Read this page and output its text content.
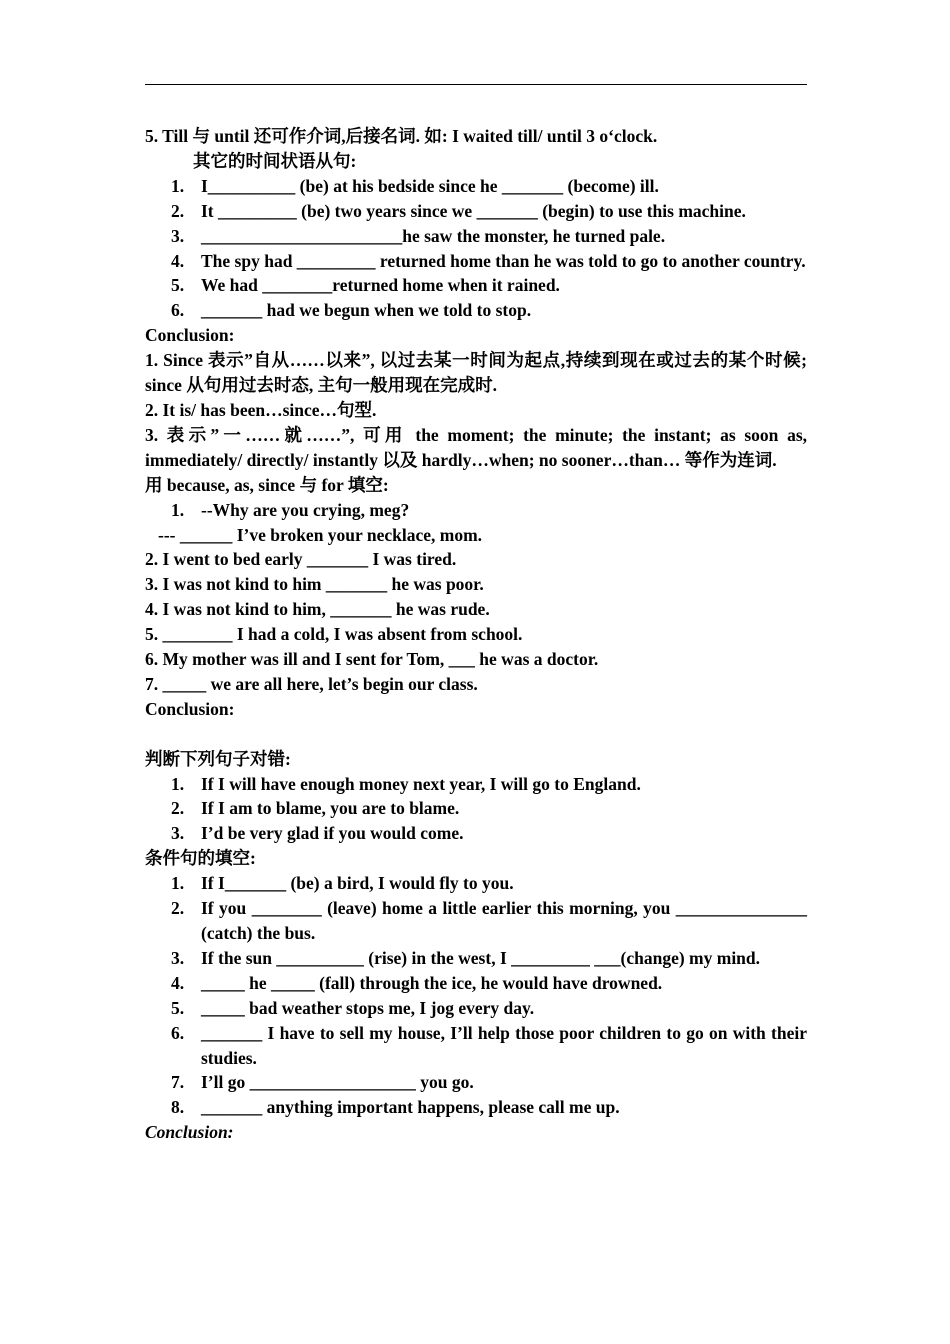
5. Till 与 until 还可作介词,后接名词. 如: I waited till/ until 3 o‘clock.
其它的时间状语从句:
1. I__________ (be) at his bedside since he _______ (become) ill.
2. It _________ (be) two years since we _______ (begin) to use this machine.
3. _______________________he saw the monster, he turned pale.
4. The spy had _________ returned home than he was told to go to another country.
5. We had ________returned home when it rained.
6. _______ had we begun when we told to stop.
Conclusion:
1. Since 表示”自从……以来”, 以过去某一时间为起点,持续到现在或过去的某个时候; since 从句用过去时态, 主句一般用现在完成时.
2. It is/ has been…since…句型.
3. 表示”一……就……”, 可用 the moment; the minute; the instant; as soon as, immediately/ directly/ instantly 以及 hardly…when; no sooner…than… 等作为连词.
用 because, as, since 与 for 填空:
1. --Why are you crying, meg?
--- ______ I’ve broken your necklace, mom.
2. I went to bed early _______ I was tired.
3. I was not kind to him _______ he was poor.
4. I was not kind to him, _______ he was rude.
5. ________ I had a cold, I was absent from school.
6. My mother was ill and I sent for Tom, ___ he was a doctor.
7. _____ we are all here, let’s begin our class.
Conclusion:
判断下列句子对错:
1. If I will have enough money next year, I will go to England.
2. If I am to blame, you are to blame.
3. I’d be very glad if you would come.
条件句的填空:
1. If I_______ (be) a bird, I would fly to you.
2. If you ________ (leave) home a little earlier this morning, you _______________ (catch) the bus.
3. If the sun __________ (rise) in the west, I _________ ___(change) my mind.
4. _____ he _____ (fall) through the ice, he would have drowned.
5. _____ bad weather stops me, I jog every day.
6. _______ I have to sell my house, I’ll help those poor children to go on with their studies.
7. I’ll go ___________________ you go.
8. _______ anything important happens, please call me up.
Conclusion:
